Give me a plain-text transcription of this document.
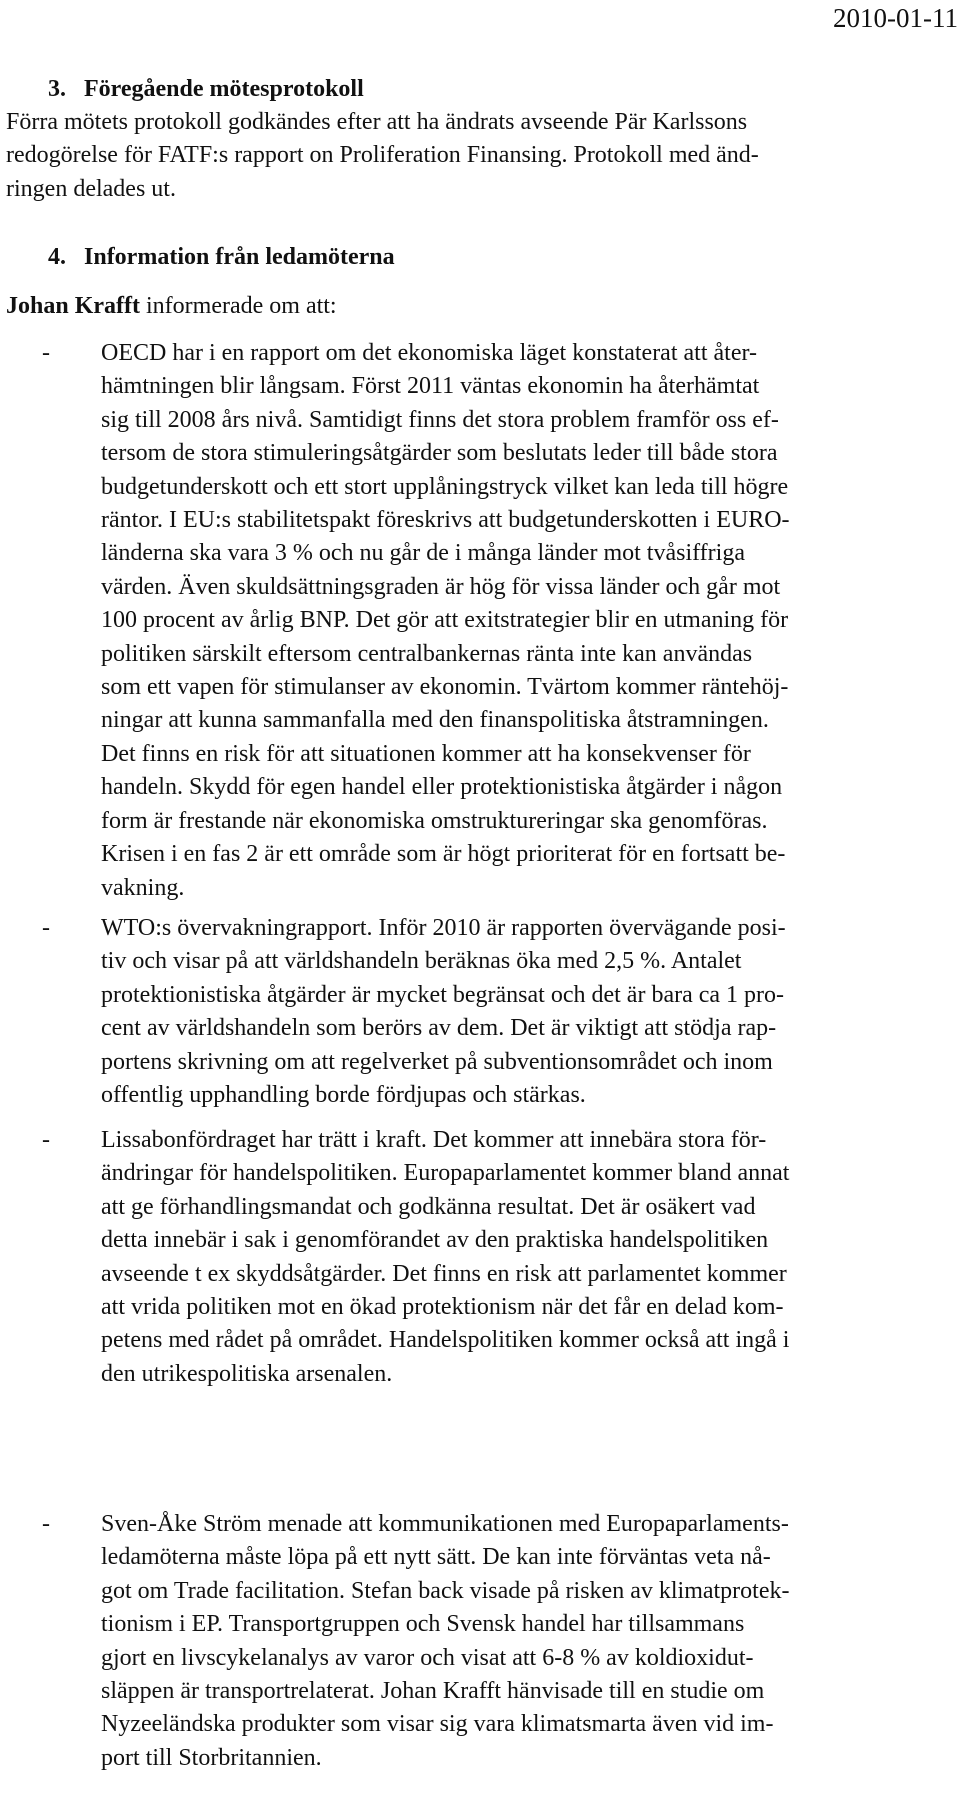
2010-01-11
3. Föregående mötesprotokoll
Förra mötets protokoll godkändes efter att ha ändrats avseende Pär Karlssons
redogörelse för FATF:s rapport on Proliferation Finansing. Protokoll med änd-
ringen delades ut.
4. Information från ledamöterna
Johan Krafft informerade om att:
- OECD har i en rapport om det ekonomiska läget konstaterat att åter-
hämtningen blir långsam. Först 2011 väntas ekonomin ha återhämtat
sig till 2008 års nivå. Samtidigt finns det stora problem framför oss ef-
tersom de stora stimuleringsåtgärder som beslutats leder till både stora
budgetunderskott och ett stort upplåningstryck vilket kan leda till högre
räntor. I EU:s stabilitetspakt föreskrivs att budgetunderskotten i EURO-
länderna ska vara 3 % och nu går de i många länder mot tvåsiffriga
värden. Även skuldsättningsgraden är hög för vissa länder och går mot
100 procent av årlig BNP. Det gör att exitstrategier blir en utmaning för
politiken särskilt eftersom centralbankernas ränta inte kan användas
som ett vapen för stimulanser av ekonomin. Tvärtom kommer räntehöj-
ningar att kunna sammanfalla med den finanspolitiska åtstramningen.
Det finns en risk för att situationen kommer att ha konsekvenser för
handeln. Skydd för egen handel eller protektionistiska åtgärder i någon
form är frestande när ekonomiska omstruktureringar ska genomföras.
Krisen i en fas 2 är ett område som är högt prioriterat för en fortsatt be-
vakning.
- WTO:s övervakningrapport. Inför 2010 är rapporten övervägande posi-
tiv och visar på att världshandeln beräknas öka med 2,5 %. Antalet
protektionistiska åtgärder är mycket begränsat och det är bara ca 1 pro-
cent av världshandeln som berörs av dem. Det är viktigt att stödja rap-
portens skrivning om att regelverket på subventionsområdet och inom
offentlig upphandling borde fördjupas och stärkas.
- Lissabonfördraget har trätt i kraft. Det kommer att innebära stora för-
ändringar för handelspolitiken. Europaparlamentet kommer bland annat
att ge förhandlingsmandat och godkänna resultat. Det är osäkert vad
detta innebär i sak i genomförandet av den praktiska handelspolitiken
avseende t ex skyddsåtgärder. Det finns en risk att parlamentet kommer
att vrida politiken mot en ökad protektionism när det får en delad kom-
petens med rådet på området. Handelspolitiken kommer också att ingå i
den utrikespolitiska arsenalen.
- Sven-Åke Ström menade att kommunikationen med Europaparlaments-
ledamöterna måste löpa på ett nytt sätt. De kan inte förväntas veta nå-
got om Trade facilitation. Stefan back visade på risken av klimatprotek-
tionism i EP. Transportgruppen och Svensk handel har tillsammans
gjort en livscykelanalys av varor och visat att 6-8 % av koldioxidut-
släppen är transportrelaterat. Johan Krafft hänvisade till en studie om
Nyzeeländska produkter som visar sig vara klimatsmarta även vid im-
port till Storbritannien.
